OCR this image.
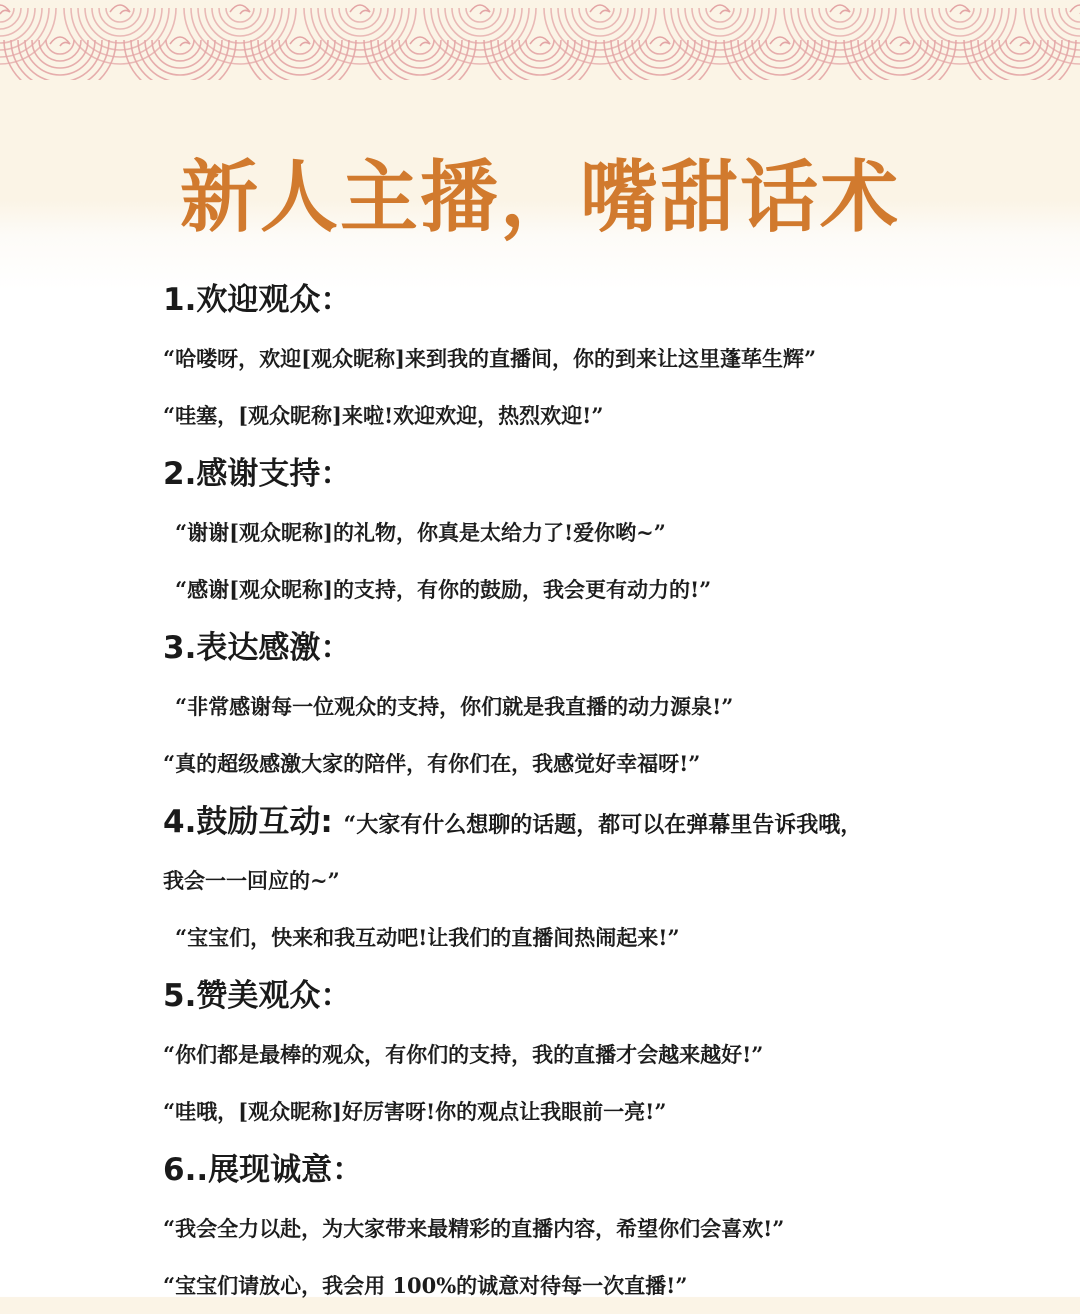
新人主播，嘴甜话术
1.欢迎观众：
“哈喽呀，欢迎[观众昵称]来到我的直播间，你的到来让这里蓬荜生辉”
“哇塞，[观众昵称]来啦!欢迎欢迎，热烈欢迎!”
2.感谢支持：
“谢谢[观众昵称]的礼物，你真是太给力了!爱你哟~”
“感谢[观众昵称]的支持，有你的鼓励，我会更有动力的!”
3.表达感激：
“非常感谢每一位观众的支持，你们就是我直播的动力源泉!”
“真的超级感激大家的陪伴，有你们在，我感觉好幸福呀!”
4.鼓励互动: “大家有什么想聊的话题，都可以在弹幕里告诉我哦，
我会一一回应的~”
“宝宝们，快来和我互动吧!让我们的直播间热闹起来!”
5.赞美观众：
“你们都是最棒的观众，有你们的支持，我的直播才会越来越好!”
“哇哦，[观众昵称]好厉害呀!你的观点让我眼前一亮!”
6..展现诚意：
“我会全力以赴，为大家带来最精彩的直播内容，希望你们会喜欢!”
“宝宝们请放心，我会用 100%的诚意对待每一次直播!”
